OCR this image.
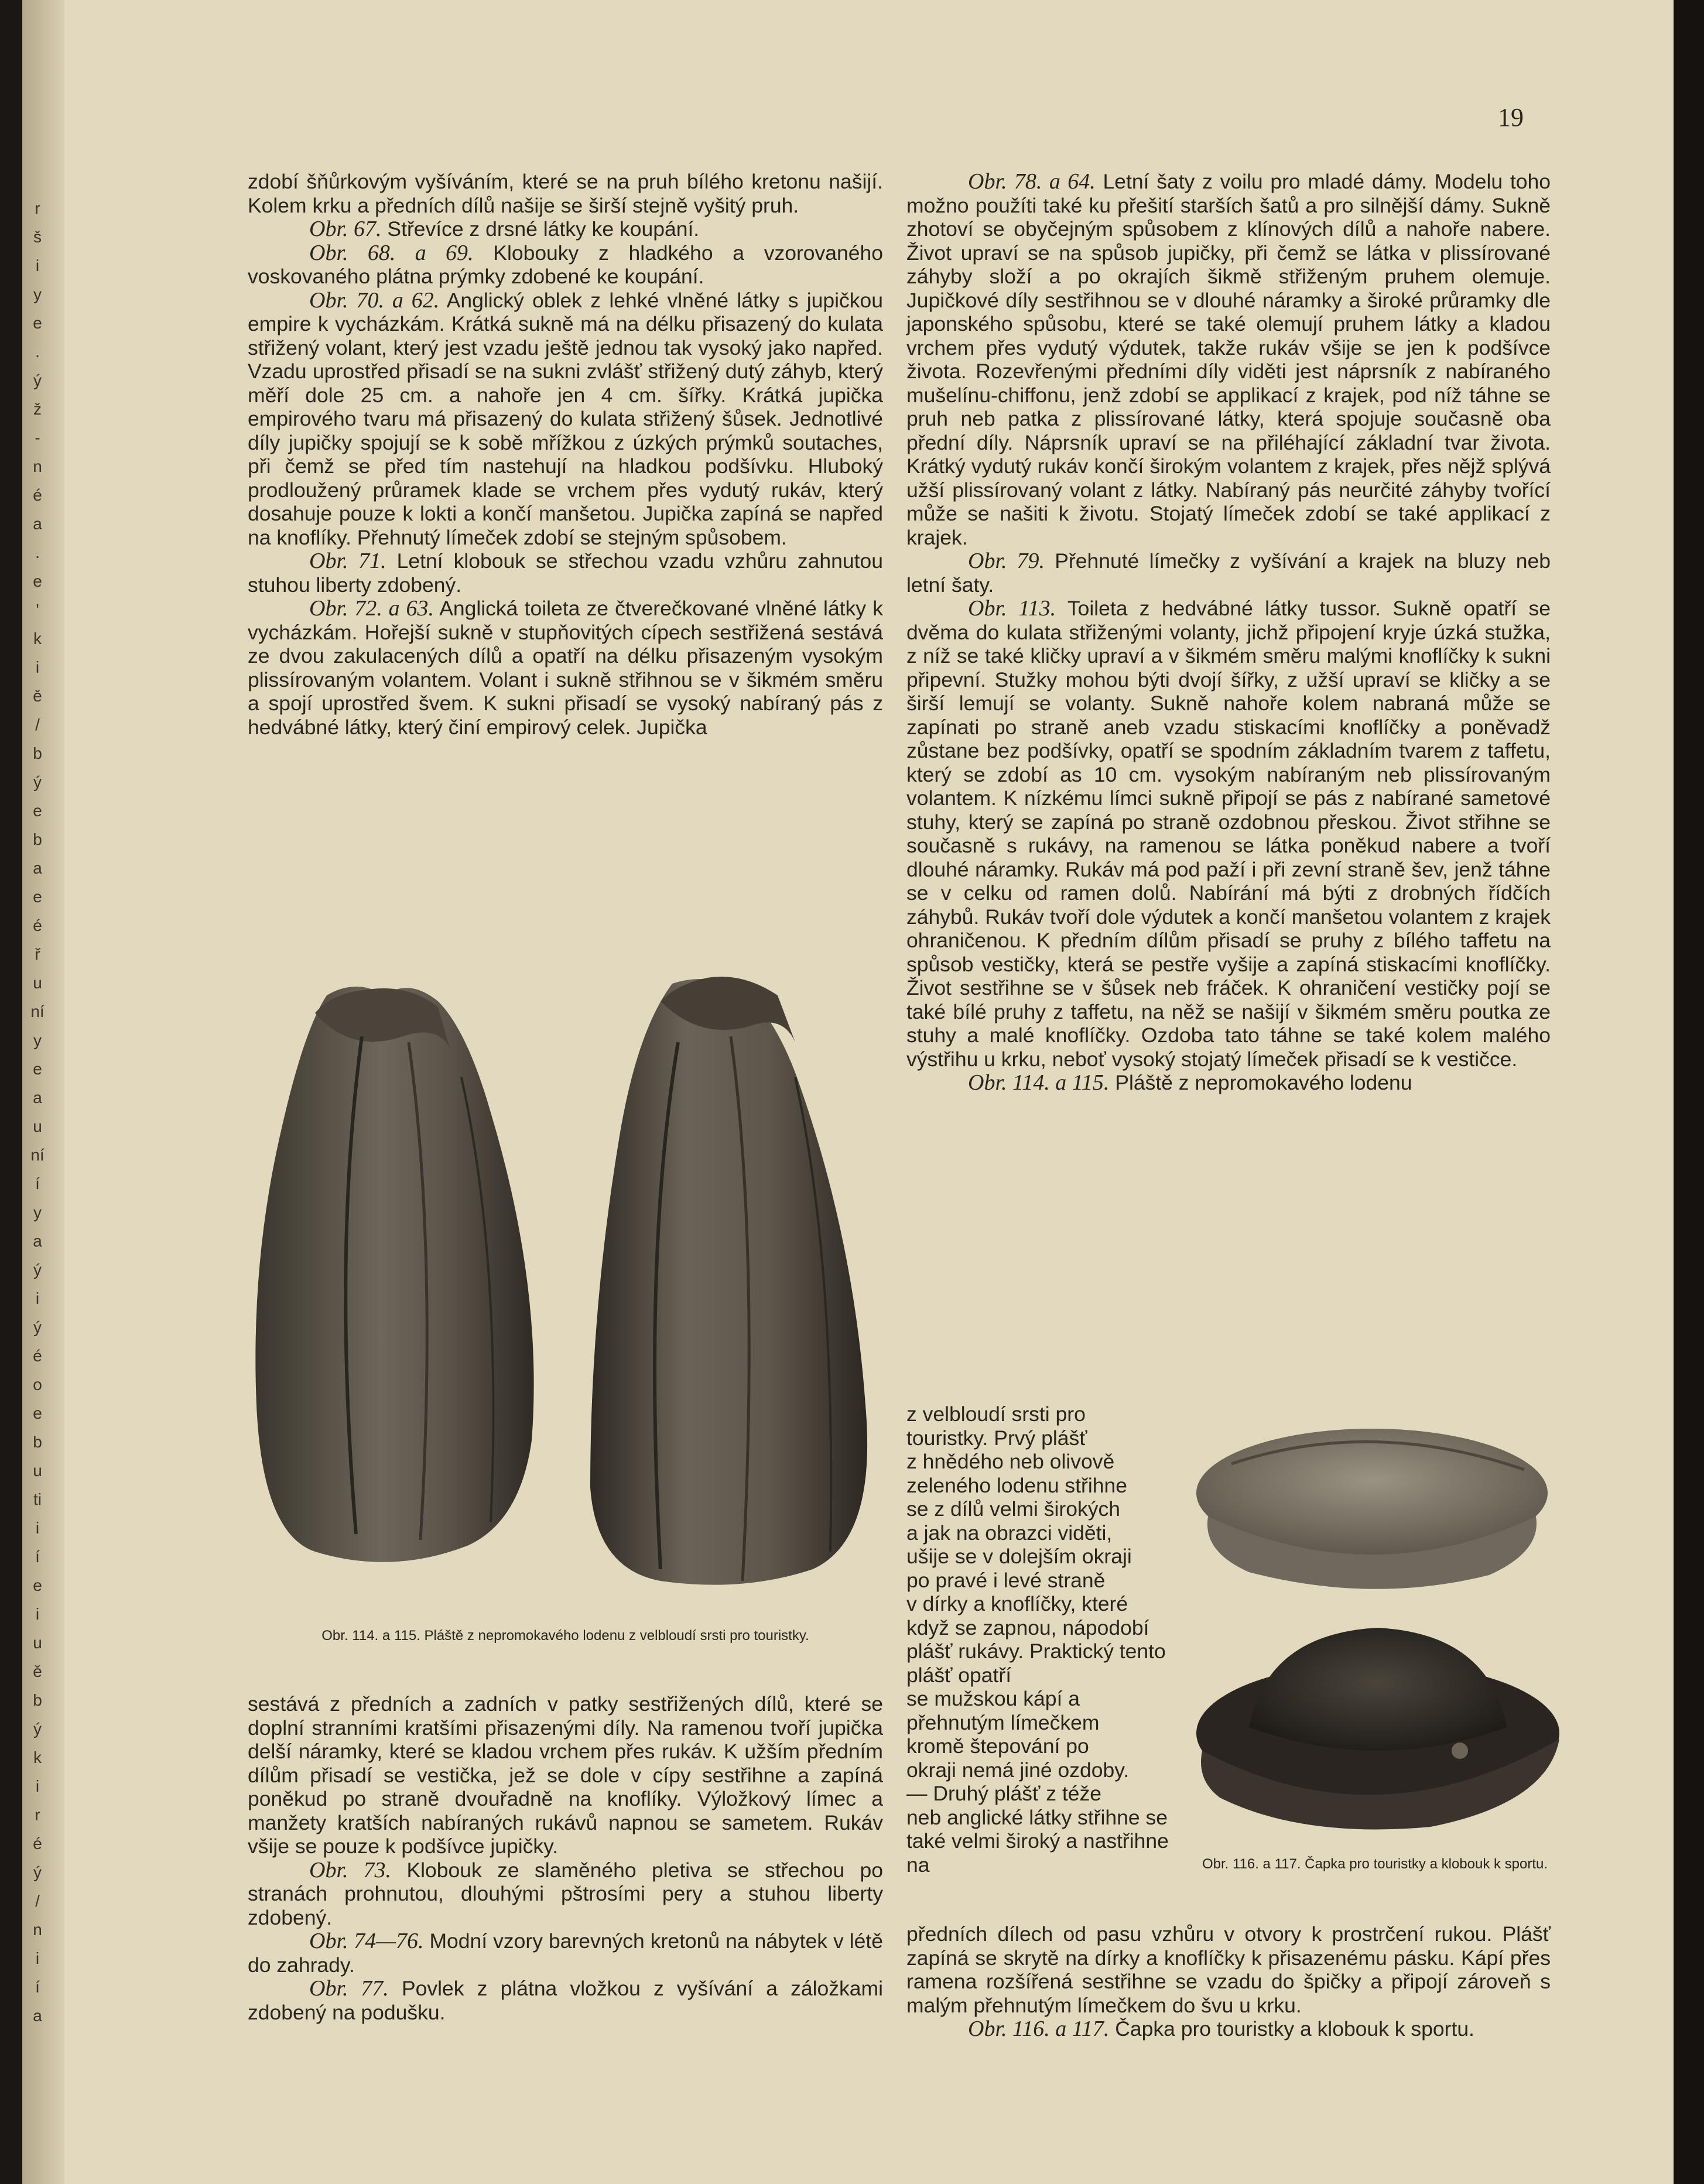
r
š
i
y
e
.
ý
ž
-
n
é
a
.
e
'
k
i
ě
/
b
ý
e
b
a
e
é
ř
u
ní
y
e
a
u
ní
í
y
a
ý
i
ý
é
o
e
b
u
ti
i
í
e
i
u
ě
b
ý
k
i
r
é
ý
/
n
i
í
a
19

zdobí šňůrkovým vyšíváním, které se na pruh bílého kretonu našijí. Kolem krku a předních dílů našije se širší stejně vyšitý pruh.

Obr. 67. Střevíce z drsné látky ke koupání.

Obr. 68. a 69. Klobouky z hladkého a vzorovaného voskovaného plátna prýmky zdobené ke koupání.

Obr. 70. a 62. Anglický oblek z lehké vlněné látky s jupičkou empire k vycházkám. Krátká sukně má na délku přisazený do kulata střižený volant, který jest vzadu ještě jednou tak vysoký jako napřed. Vzadu uprostřed přisadí se na sukni zvlášť střižený dutý záhyb, který měří dole 25 cm. a nahoře jen 4 cm. šířky. Krátká jupička empirového tvaru má přisazený do kulata střižený šůsek. Jednotlivé díly jupičky spojují se k sobě mřížkou z úzkých prýmků soutaches, při čemž se před tím nastehují na hladkou podšívku. Hluboký prodloužený průramek klade se vrchem přes vydutý rukáv, který dosahuje pouze k lokti a končí manšetou. Jupička zapíná se napřed na knoflíky. Přehnutý límeček zdobí se stejným spůsobem.

Obr. 71. Letní klobouk se střechou vzadu vzhůru zahnutou stuhou liberty zdobený.

Obr. 72. a 63. Anglická toileta ze čtverečkované vlněné látky k vycházkám. Hořejší sukně v stupňovitých cípech sestřižená sestává ze dvou zakulacených dílů a opatří na délku přisazeným vysokým plissírovaným volantem. Volant i sukně střihnou se v šikmém směru a spojí uprostřed švem. K sukni přisadí se vysoký nabíraný pás z hedvábné látky, který činí empirový celek. Jupička

Obr. 114. a 115. Pláště z nepromokavého lodenu z velbloudí srsti pro touristky.

sestává z předních a zadních v patky sestřižených dílů, které se doplní stranními kratšími přisazenými díly. Na ramenou tvoří jupička delší náramky, které se kladou vrchem přes rukáv. K užším předním dílům přisadí se vestička, jež se dole v cípy sestřihne a zapíná poněkud po straně dvouřadně na knoflíky. Výložkový límec a manžety kratších nabíraných rukávů napnou se sametem. Rukáv všije se pouze k podšívce jupičky.

Obr. 73. Klobouk ze slaměného pletiva se střechou po stranách prohnutou, dlouhými pštrosími pery a stuhou liberty zdobený.

Obr. 74—76. Modní vzory barevných kretonů na nábytek v létě do zahrady.

Obr. 77. Povlek z plátna vložkou z vyšívání a záložkami zdobený na podušku.

Obr. 78. a 64. Letní šaty z voilu pro mladé dámy. Modelu toho možno použíti také ku přešití starších šatů a pro silnější dámy. Sukně zhotoví se obyčejným spůsobem z klínových dílů a nahoře nabere. Život upraví se na spůsob jupičky, při čemž se látka v plissírované záhyby složí a po okrajích šikmě střiženým pruhem olemuje. Jupičkové díly sestřihnou se v dlouhé náramky a široké průramky dle japonského spůsobu, které se také olemují pruhem látky a kladou vrchem přes vydutý výdutek, takže rukáv všije se jen k podšívce života. Rozevřenými předními díly viděti jest náprsník z nabíraného mušelínu-chiffonu, jenž zdobí se applikací z krajek, pod níž táhne se pruh neb patka z plissírované látky, která spojuje současně oba přední díly. Náprsník upraví se na přiléhající základní tvar života. Krátký vydutý rukáv končí širokým volantem z krajek, přes nějž splývá užší plissírovaný volant z látky. Nabíraný pás neurčité záhyby tvořící může se našiti k životu. Stojatý límeček zdobí se také applikací z krajek.

Obr. 79. Přehnuté límečky z vyšívání a krajek na bluzy neb letní šaty.

Obr. 113. Toileta z hedvábné látky tussor. Sukně opatří se dvěma do kulata střiženými volanty, jichž připojení kryje úzká stužka, z níž se také kličky upraví a v šikmém směru malými knoflíčky k sukni připevní. Stužky mohou býti dvojí šířky, z užší upraví se kličky a se širší lemují se volanty. Sukně nahoře kolem nabraná může se zapínati po straně aneb vzadu stiskacími knoflíčky a poněvadž zůstane bez podšívky, opatří se spodním základním tvarem z taffetu, který se zdobí as 10 cm. vysokým nabíraným neb plissírovaným volantem. K nízkému límci sukně připojí se pás z nabírané sametové stuhy, který se zapíná po straně ozdobnou přeskou. Život střihne se současně s rukávy, na ramenou se látka poněkud nabere a tvoří dlouhé náramky. Rukáv má pod paží i při zevní straně šev, jenž táhne se v celku od ramen dolů. Nabírání má býti z drobných řídčích záhybů. Rukáv tvoří dole výdutek a končí manšetou volantem z krajek ohraničenou. K předním dílům přisadí se pruhy z bílého taffetu na spůsob vestičky, která se pestře vyšije a zapíná stiskacími knoflíčky. Život sestřihne se v šůsek neb fráček. K ohraničení vestičky pojí se také bílé pruhy z taffetu, na něž se našijí v šikmém směru poutka ze stuhy a malé knoflíčky. Ozdoba tato táhne se také kolem malého výstřihu u krku, neboť vysoký stojatý límeček přisadí se k vestičce.

Obr. 114. a 115. Pláště z nepromokavého lodenu

z velbloudí srsti pro
touristky. Prvý plášť
z hnědého neb olivově
zeleného lodenu střihne
se z dílů velmi širokých
a jak na obrazci viděti,
ušije se v dolejším okraji
po pravé i levé straně
v dírky a knoflíčky, které
když se zapnou, nápodobí plášť rukávy. Praktický tento plášť opatří
se mužskou kápí a přehnutým límečkem
kromě štepování po
okraji nemá jiné ozdoby.
— Druhý plášť z téže
neb anglické látky střihne se také velmi široký a nastřihne na	Obr. 116. a 117. Čapka pro touristky a klobouk k sportu.

předních dílech od pasu vzhůru v otvory k prostrčení rukou. Plášť zapíná se skrytě na dírky a knoflíčky k přisazenému pásku. Kápí přes ramena rozšířená sestřihne se vzadu do špičky a připojí zároveň s malým přehnutým límečkem do švu u krku.

Obr. 116. a 117. Čapka pro touristky a klobouk k sportu.
